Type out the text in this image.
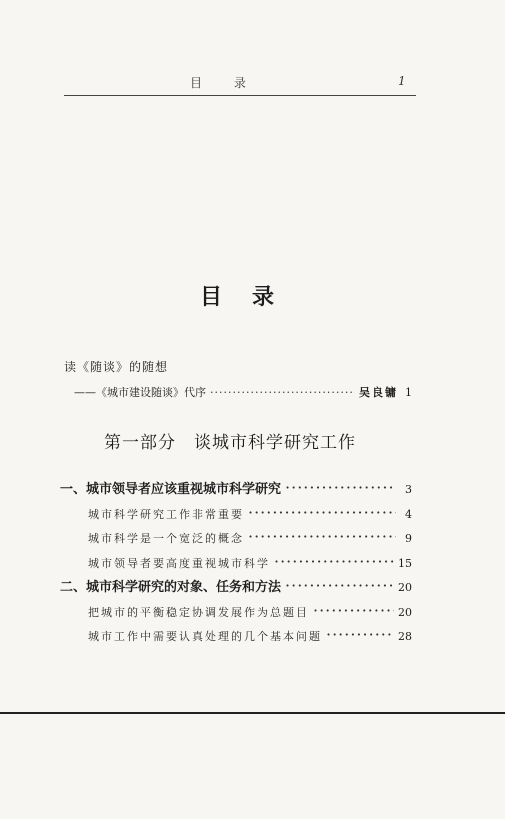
目 录	1
目录
读《随谈》的随想
——《城市建设随谈》代序 ·····	吴良镛 1
第一部分　谈城市科学研究工作
一、城市领导者应该重视城市科学研究 ·····	3
城市科学研究工作非常重要 ·····	4
城市科学是一个宽泛的概念 ·····	9
城市领导者要高度重视城市科学 ·····	15
二、城市科学研究的对象、任务和方法 ·····	20
把城市的平衡稳定协调发展作为总题目 ·····	20
城市工作中需要认真处理的几个基本问题 ·····	28
